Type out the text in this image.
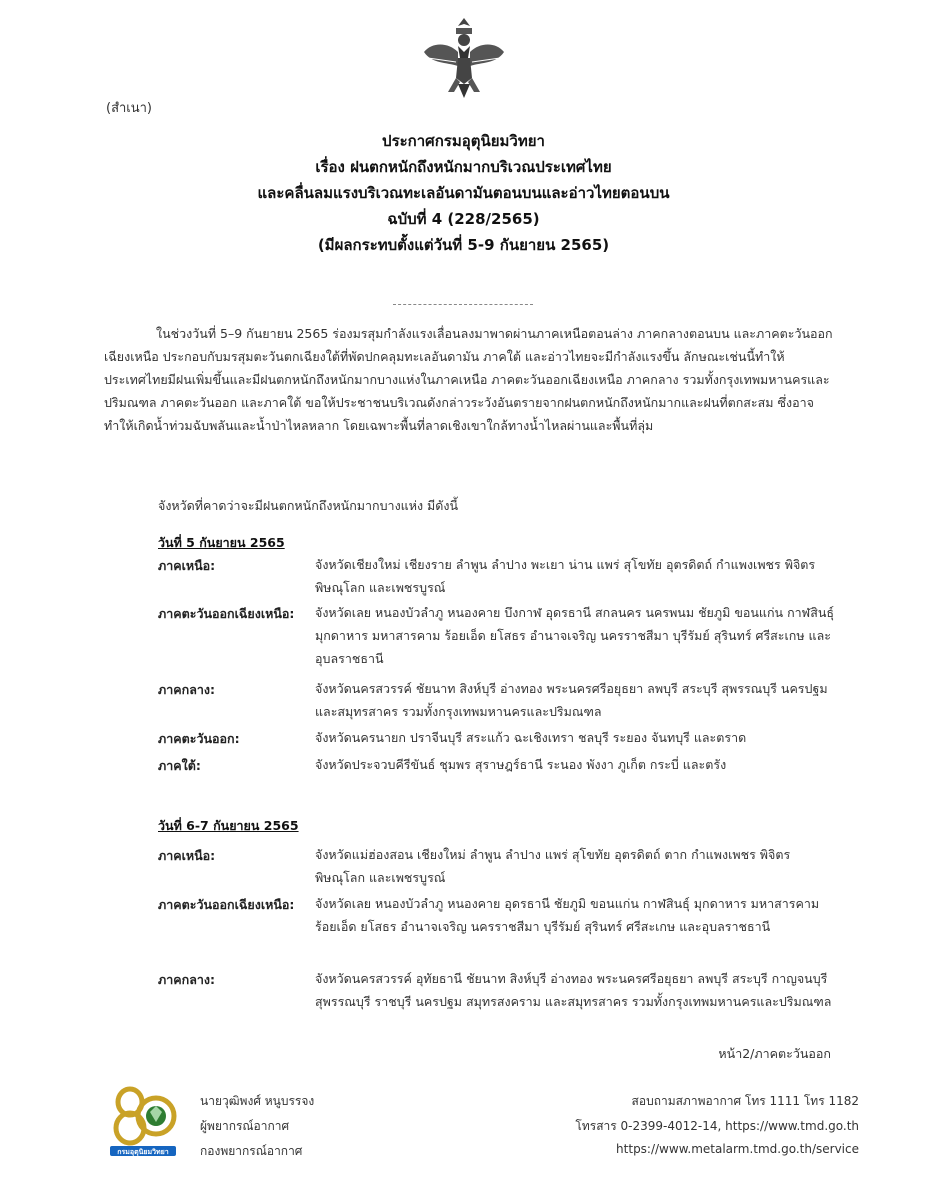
(สำเนา)
ประกาศกรมอุตุนิยมวิทยา
เรื่อง ฝนตกหนักถึงหนักมากบริเวณประเทศไทย
และคลื่นลมแรงบริเวณทะเลอันดามันตอนบนและอ่าวไทยตอนบน
ฉบับที่ 4 (228/2565)
(มีผลกระทบตั้งแต่วันที่ 5-9 กันยายน 2565)
ในช่วงวันที่ 5–9 กันยายน 2565 ร่องมรสุมกำลังแรงเลื่อนลงมาพาดผ่านภาคเหนือตอนล่าง ภาคกลางตอนบน และภาคตะวันออกเฉียงเหนือ ประกอบกับมรสุมตะวันตกเฉียงใต้ที่พัดปกคลุมทะเลอันดามัน ภาคใต้ และอ่าวไทยจะมีกำลังแรงขึ้น ลักษณะเช่นนี้ทำให้ประเทศไทยมีฝนเพิ่มขึ้นและมีฝนตกหนักถึงหนักมากบางแห่งในภาคเหนือ ภาคตะวันออกเฉียงเหนือ ภาคกลาง รวมทั้งกรุงเทพมหานครและปริมณฑล ภาคตะวันออก และภาคใต้ ขอให้ประชาชนบริเวณดังกล่าวระวังอันตรายจากฝนตกหนักถึงหนักมากและฝนที่ตกสะสม ซึ่งอาจทำให้เกิดน้ำท่วมฉับพลันและน้ำป่าไหลหลาก โดยเฉพาะพื้นที่ลาดเชิงเขาใกล้ทางน้ำไหลผ่านและพื้นที่ลุ่ม
จังหวัดที่คาดว่าจะมีฝนตกหนักถึงหนักมากบางแห่ง มีดังนี้
วันที่ 5 กันยายน 2565
ภาคเหนือ:	จังหวัดเชียงใหม่ เชียงราย ลำพูน ลำปาง พะเยา น่าน แพร่ สุโขทัย อุตรดิตถ์ กำแพงเพชร พิจิตร พิษณุโลก และเพชรบูรณ์
ภาคตะวันออกเฉียงเหนือ: จังหวัดเลย หนองบัวลำภู หนองคาย บึงกาฬ อุดรธานี สกลนคร นครพนม ชัยภูมิ ขอนแก่น กาฬสินธุ์ มุกดาหาร มหาสารคาม ร้อยเอ็ด ยโสธร อำนาจเจริญ นครราชสีมา บุรีรัมย์ สุรินทร์ ศรีสะเกษ และอุบลราชธานี
ภาคกลาง:	จังหวัดนครสวรรค์ ชัยนาท สิงห์บุรี อ่างทอง พระนครศรีอยุธยา ลพบุรี สระบุรี สุพรรณบุรี นครปฐม และสมุทรสาคร รวมทั้งกรุงเทพมหานครและปริมณฑล
ภาคตะวันออก:	จังหวัดนครนายก ปราจีนบุรี สระแก้ว ฉะเชิงเทรา ชลบุรี ระยอง จันทบุรี และตราด
ภาคใต้:	จังหวัดประจวบคีรีขันธ์ ชุมพร สุราษฎร์ธานี ระนอง พังงา ภูเก็ต กระบี่ และตรัง
วันที่ 6-7 กันยายน 2565
ภาคเหนือ:	จังหวัดแม่ฮ่องสอน เชียงใหม่ ลำพูน ลำปาง แพร่ สุโขทัย อุตรดิตถ์ ตาก กำแพงเพชร พิจิตร พิษณุโลก และเพชรบูรณ์
ภาคตะวันออกเฉียงเหนือ: จังหวัดเลย หนองบัวลำภู หนองคาย อุดรธานี ชัยภูมิ ขอนแก่น กาฬสินธุ์ มุกดาหาร มหาสารคาม ร้อยเอ็ด ยโสธร อำนาจเจริญ นครราชสีมา บุรีรัมย์ สุรินทร์ ศรีสะเกษ และอุบลราชธานี
ภาคกลาง:	จังหวัดนครสวรรค์ อุทัยธานี ชัยนาท สิงห์บุรี อ่างทอง พระนครศรีอยุธยา ลพบุรี สระบุรี กาญจนบุรี สุพรรณบุรี ราชบุรี นครปฐม สมุทรสงคราม และสมุทรสาคร รวมทั้งกรุงเทพมหานครและปริมณฑล
หน้า2/ภาคตะวันออก
กรมอุตุนิยมวิทยา
นายวุฒิพงศ์ หนูบรรจง
ผู้พยากรณ์อากาศ
กองพยากรณ์อากาศ
สอบถามสภาพอากาศ โทร 1111 โทร 1182
โทรสาร 0-2399-4012-14, https://www.tmd.go.th
https://www.metalarm.tmd.go.th/service
